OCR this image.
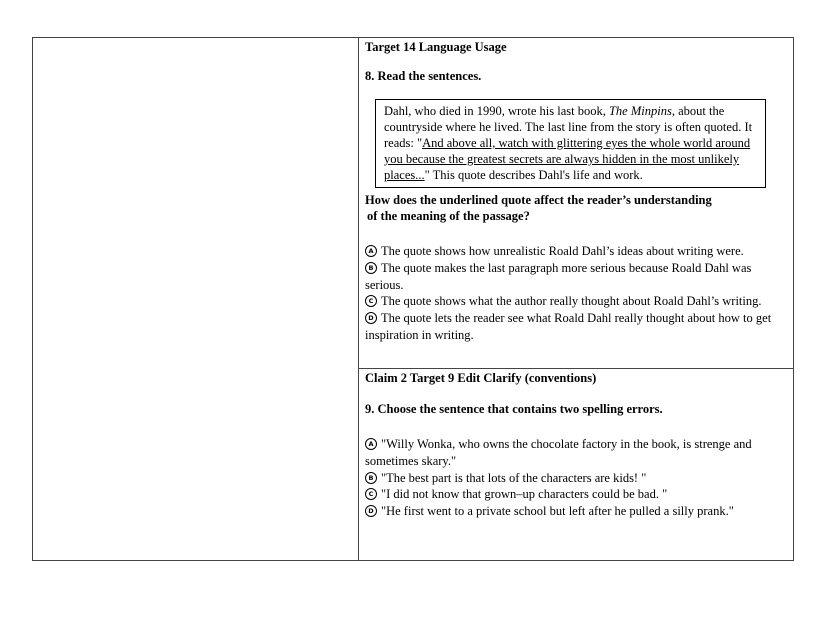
Target 14 Language Usage
8. Read the sentences.
Dahl, who died in 1990, wrote his last book, The Minpins, about the countryside where he lived. The last line from the story is often quoted. It reads: "And above all, watch with glittering eyes the whole world around you because the greatest secrets are always hidden in the most unlikely places..." This quote describes Dahl's life and work.
How does the underlined quote affect the reader’s understanding
of the meaning of the passage?

A The quote shows how unrealistic Roald Dahl’s ideas about writing were.

B The quote makes the last paragraph more serious because Roald Dahl was serious.

C The quote shows what the author really thought about Roald Dahl’s writing.

D The quote lets the reader see what Roald Dahl really thought about how to get inspiration in writing.

Claim 2 Target 9 Edit Clarify (conventions)
9. Choose the sentence that contains two spelling errors.

A "Willy Wonka, who owns the chocolate factory in the book, is strenge and sometimes skary."

B "The best part is that lots of the characters are kids! "

C "I did not know that grown–up characters could be bad. "

D "He first went to a private school but left after he pulled a silly prank."
